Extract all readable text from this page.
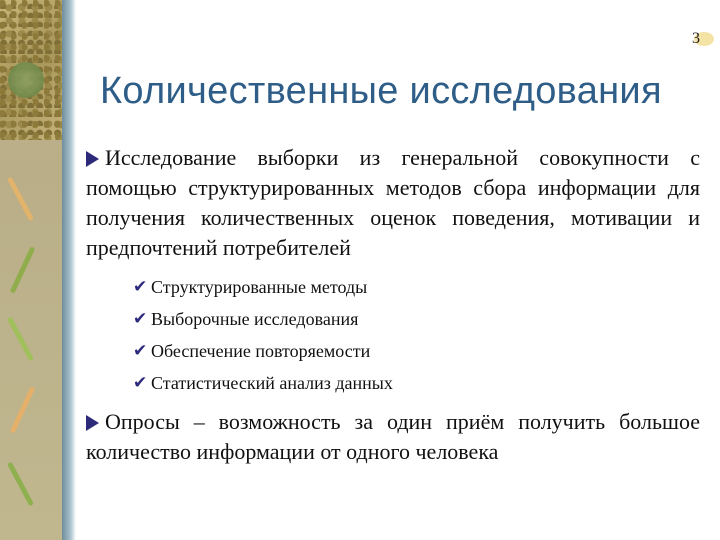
3
Количественные исследования
Исследование выборки из генеральной совокупности с помощью структурированных методов сбора информации для получения количественных оценок поведения, мотивации и предпочтений потребителей
✔ Структурированные методы
✔ Выборочные исследования
✔ Обеспечение повторяемости
✔ Статистический анализ данных
Опросы – возможность за один приём получить большое количество информации от одного человека
